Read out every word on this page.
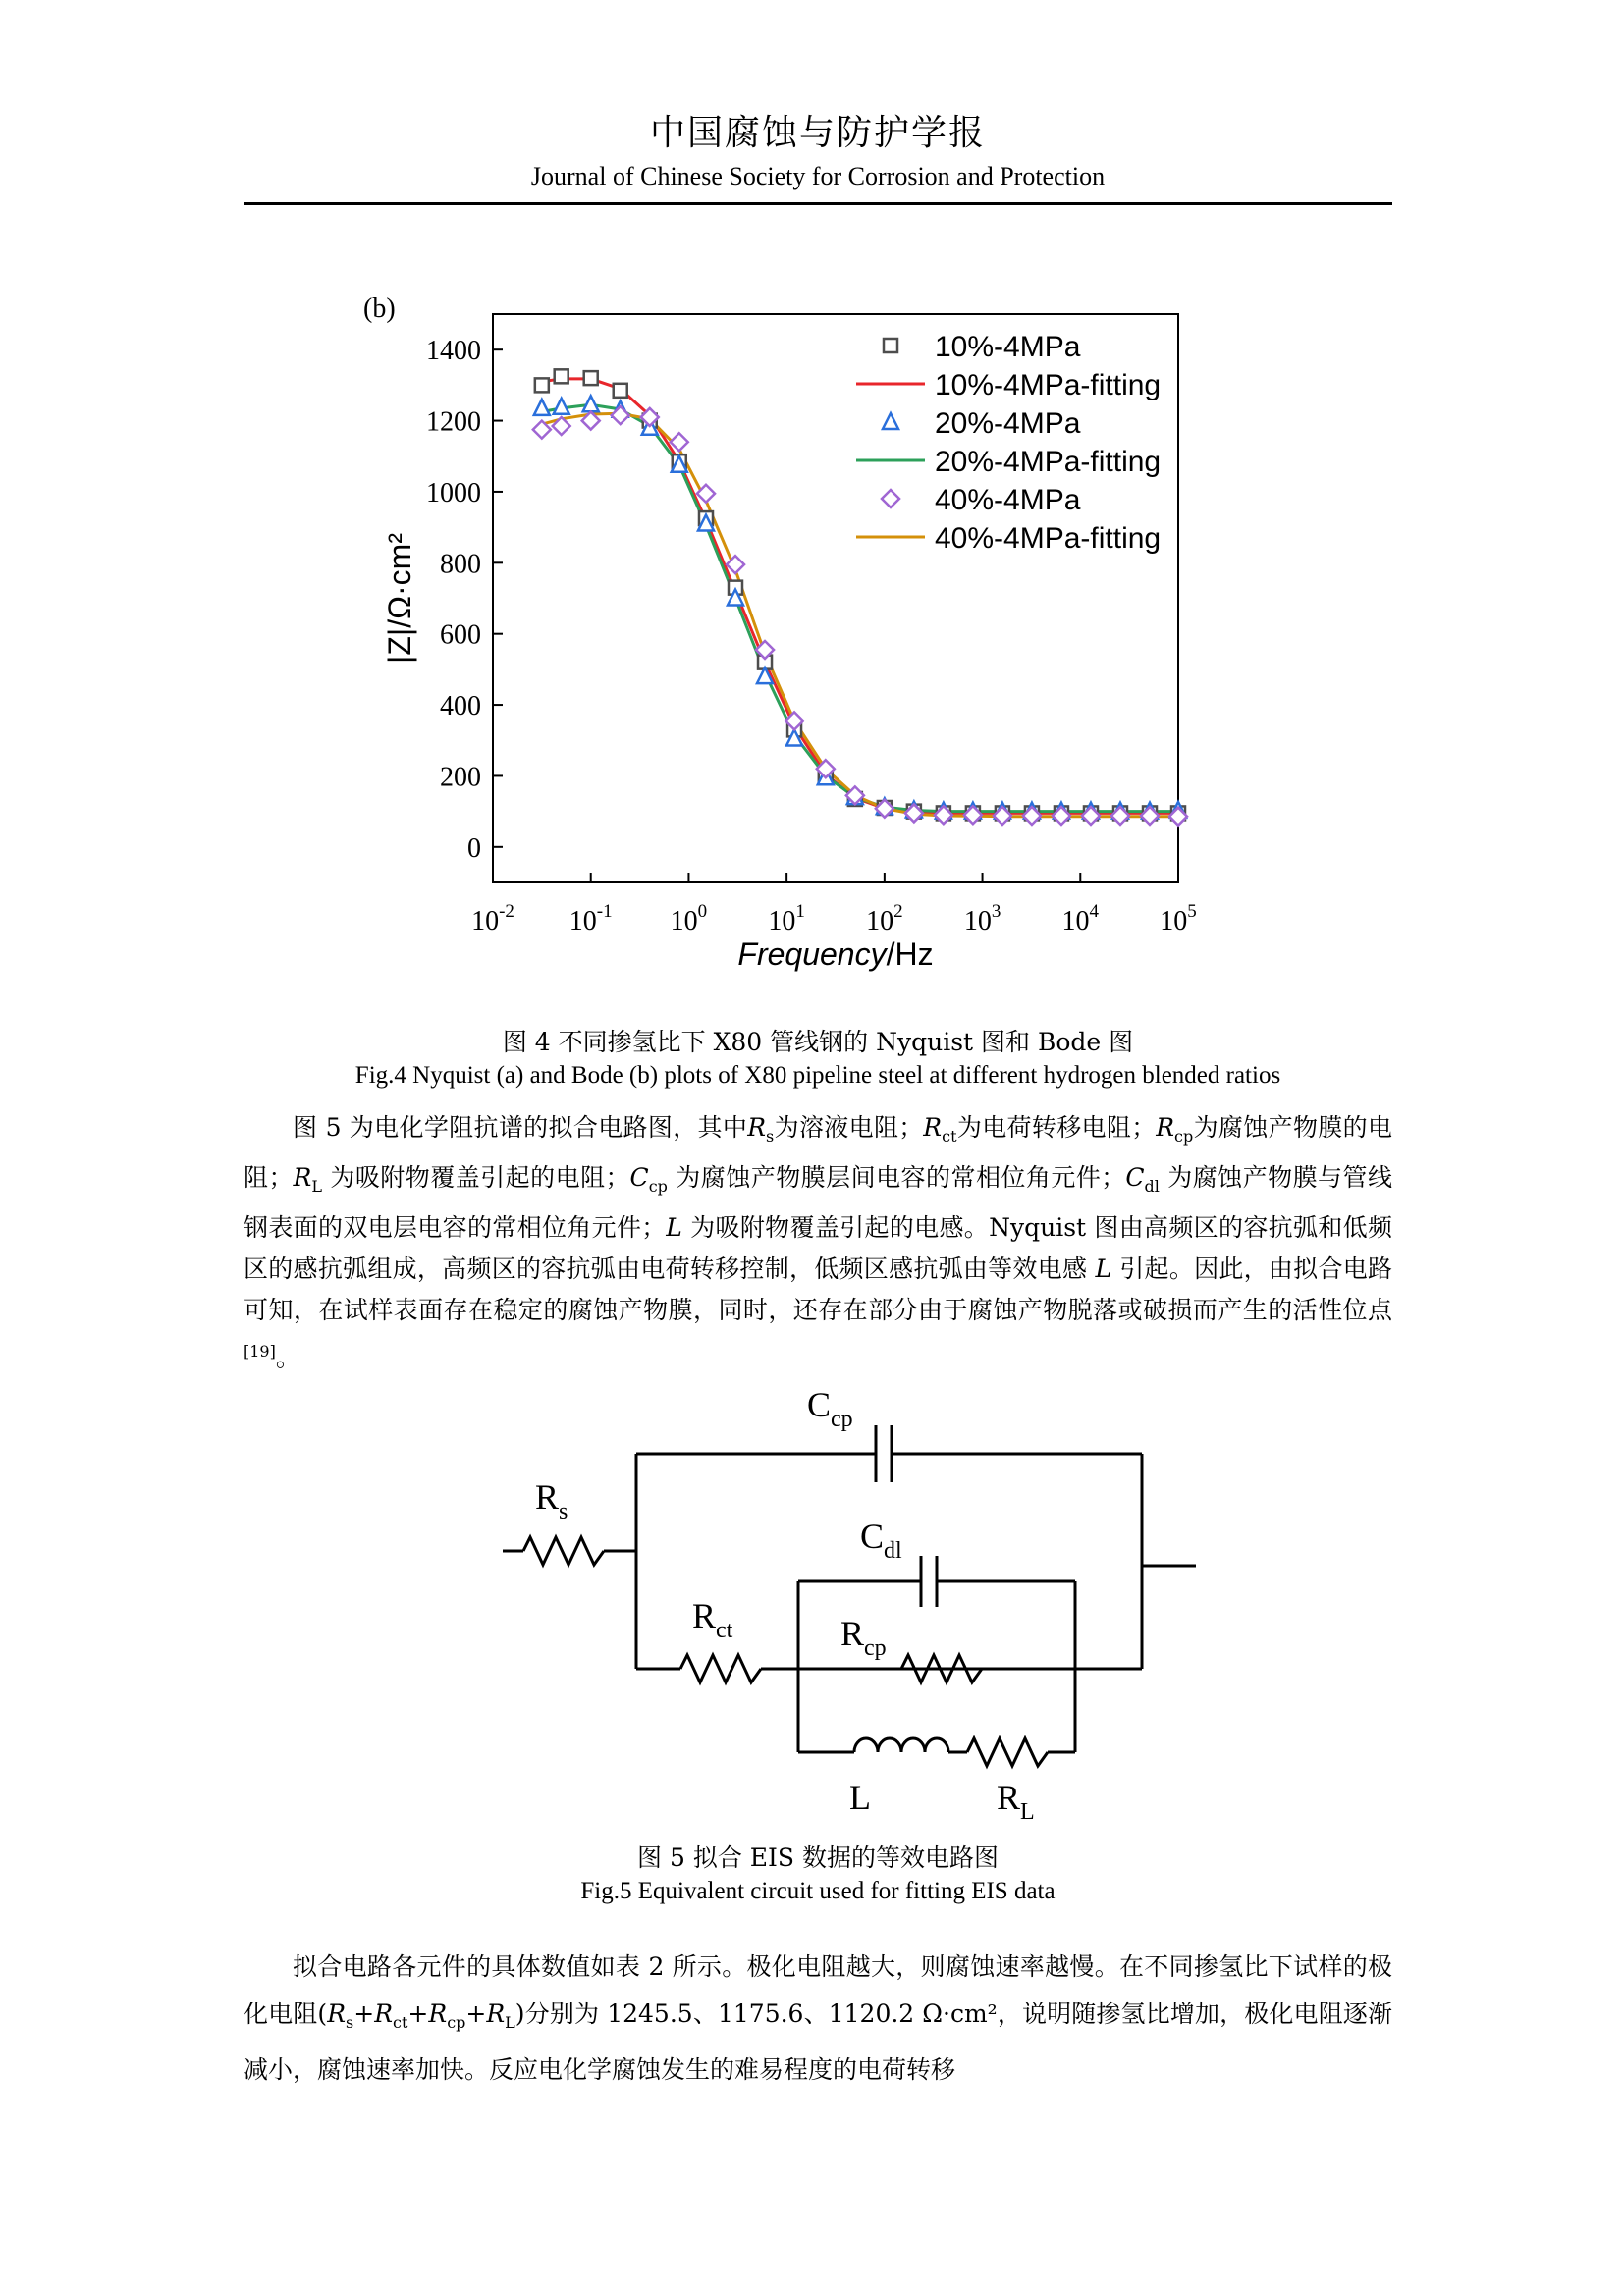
中国腐蚀与防护学报
Journal of Chinese Society for Corrosion and Protection
(b)
0
200
400
600
800
1000
1200
1400
$10^{-2}$ $10^{-1}$ $10^0$ $10^1$ $10^2$ $10^3$ $10^4$ $10^5$
Frequency/Hz
|Z|/Ω·cm²
10%-4MPa
10%-4MPa-fitting
20%-4MPa
20%-4MPa-fitting
40%-4MPa
40%-4MPa-fitting
图 4 不同掺氢比下 X80 管线钢的 Nyquist 图和 Bode 图
Fig.4 Nyquist (a) and Bode (b) plots of X80 pipeline steel at different hydrogen blended ratios

图 5 为电化学阻抗谱的拟合电路图，其中$R_s$为溶液电阻；$R_{ct}$为电荷转移电阻；$R_{cp}$为腐蚀产物膜的电阻；$R_L$ 为吸附物覆盖引起的电阻；$C_{cp}$ 为腐蚀产物膜层间电容的常相位角元件；$C_{dl}$ 为腐蚀产物膜与管线钢表面的双电层电容的常相位角元件；L 为吸附物覆盖引起的电感。Nyquist 图由高频区的容抗弧和低频区的感抗弧组成，高频区的容抗弧由电荷转移控制，低频区感抗弧由等效电感 L 引起。因此，由拟合电路可知，在试样表面存在稳定的腐蚀产物膜，同时，还存在部分由于腐蚀产物脱落或破损而产生的活性位点[19]。

$R_s$
$C_{cp}$
$C_{dl}$
$R_{ct}$	$R_{cp}$
L	$R_L$
图 5 拟合 EIS 数据的等效电路图
Fig.5 Equivalent circuit used for fitting EIS data

拟合电路各元件的具体数值如表 2 所示。极化电阻越大，则腐蚀速率越慢。在不同掺氢比下试样的极化电阻$(R_s+R_{ct}+R_{cp}+R_L)$分别为 1245.5、1175.6、1120.2 Ω·cm²，说明随掺氢比增加，极化电阻逐渐减小，腐蚀速率加快。反应电化学腐蚀发生的难易程度的电荷转移
